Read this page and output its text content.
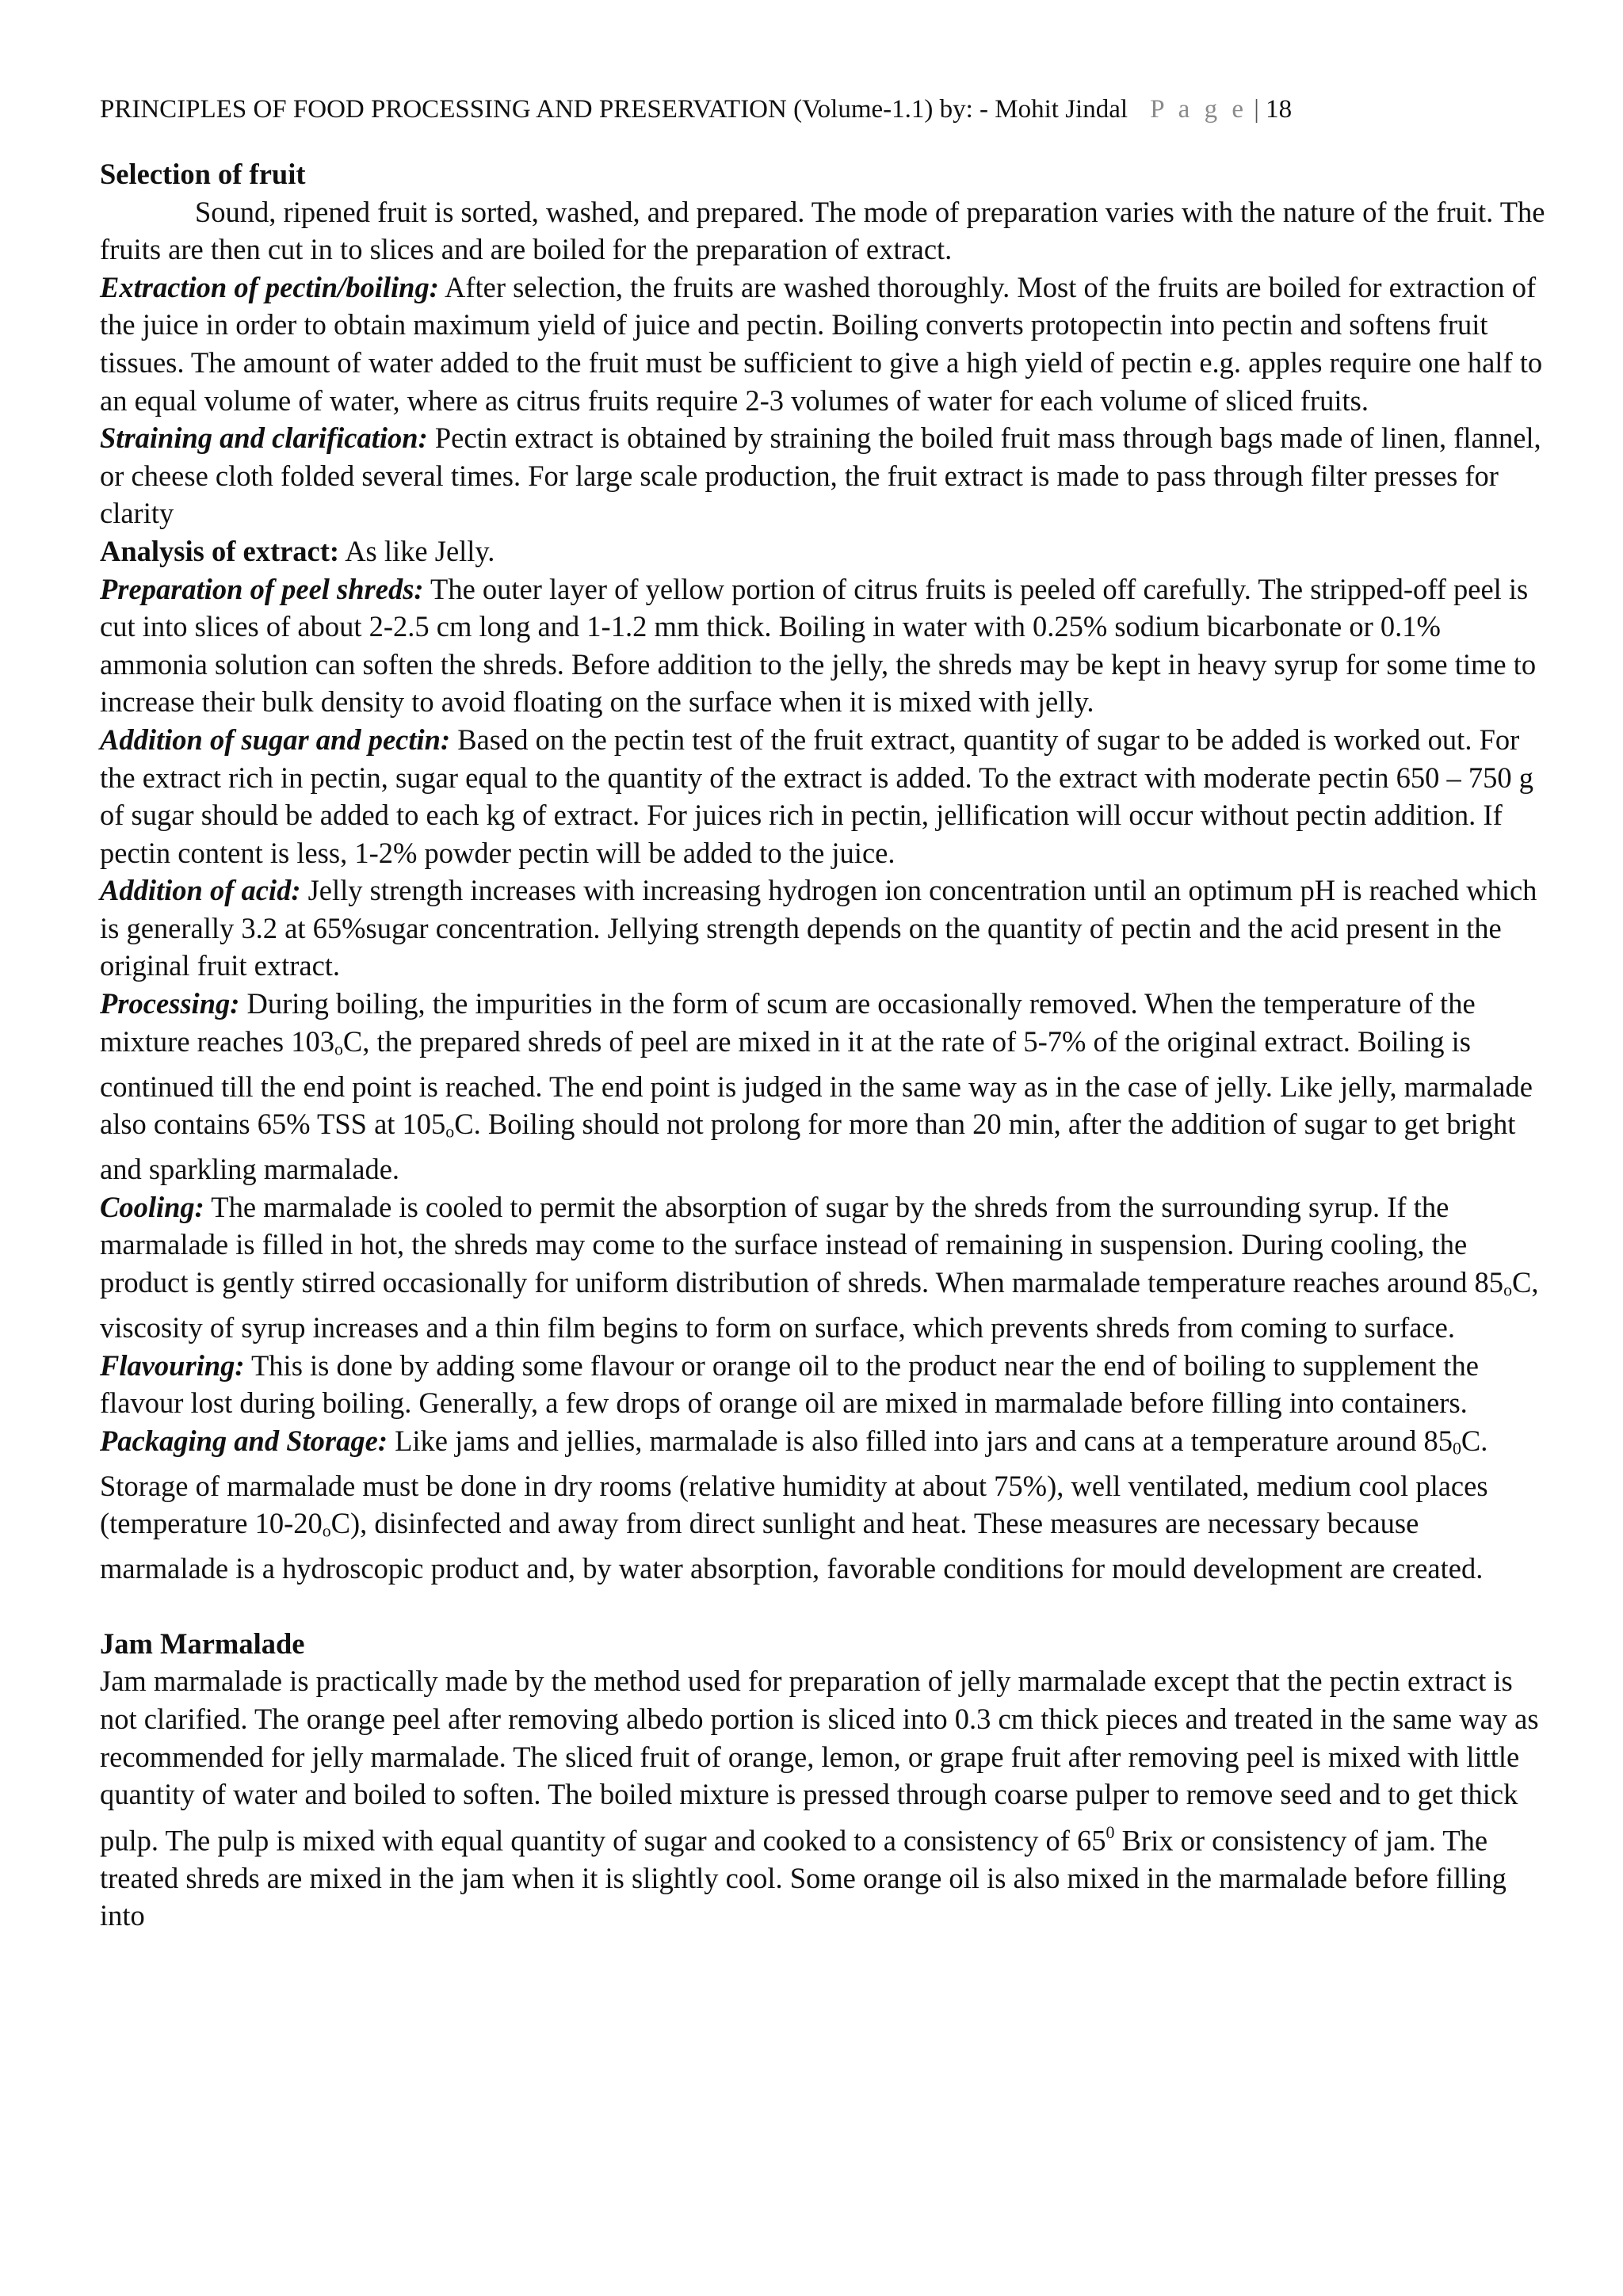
PRINCIPLES OF FOOD PROCESSING AND PRESERVATION (Volume-1.1) by: - Mohit Jindal P a g e | 18

Selection of fruit

Sound, ripened fruit is sorted, washed, and prepared. The mode of preparation varies with the nature of the fruit. The fruits are then cut in to slices and are boiled for the preparation of extract.

Extraction of pectin/boiling: After selection, the fruits are washed thoroughly. Most of the fruits are boiled for extraction of the juice in order to obtain maximum yield of juice and pectin. Boiling converts protopectin into pectin and softens fruit tissues. The amount of water added to the fruit must be sufficient to give a high yield of pectin e.g. apples require one half to an equal volume of water, where as citrus fruits require 2-3 volumes of water for each volume of sliced fruits.

Straining and clarification: Pectin extract is obtained by straining the boiled fruit mass through bags made of linen, flannel, or cheese cloth folded several times. For large scale production, the fruit extract is made to pass through filter presses for clarity

Analysis of extract: As like Jelly.

Preparation of peel shreds: The outer layer of yellow portion of citrus fruits is peeled off carefully. The stripped-off peel is cut into slices of about 2-2.5 cm long and 1-1.2 mm thick. Boiling in water with 0.25% sodium bicarbonate or 0.1% ammonia solution can soften the shreds. Before addition to the jelly, the shreds may be kept in heavy syrup for some time to increase their bulk density to avoid floating on the surface when it is mixed with jelly.

Addition of sugar and pectin: Based on the pectin test of the fruit extract, quantity of sugar to be added is worked out. For the extract rich in pectin, sugar equal to the quantity of the extract is added. To the extract with moderate pectin 650 – 750 g of sugar should be added to each kg of extract. For juices rich in pectin, jellification will occur without pectin addition. If pectin content is less, 1-2% powder pectin will be added to the juice.

Addition of acid: Jelly strength increases with increasing hydrogen ion concentration until an optimum pH is reached which is generally 3.2 at 65%sugar concentration. Jellying strength depends on the quantity of pectin and the acid present in the original fruit extract.

Processing: During boiling, the impurities in the form of scum are occasionally removed. When the temperature of the mixture reaches $103_oC$, the prepared shreds of peel are mixed in it at the rate of 5-7% of the original extract. Boiling is continued till the end point is reached. The end point is judged in the same way as in the case of jelly. Like jelly, marmalade also contains 65% TSS at $105_oC$. Boiling should not prolong for more than 20 min, after the addition of sugar to get bright and sparkling marmalade.

Cooling: The marmalade is cooled to permit the absorption of sugar by the shreds from the surrounding syrup. If the marmalade is filled in hot, the shreds may come to the surface instead of remaining in suspension. During cooling, the product is gently stirred occasionally for uniform distribution of shreds. When marmalade temperature reaches around $85_oC$, viscosity of syrup increases and a thin film begins to form on surface, which prevents shreds from coming to surface.

Flavouring: This is done by adding some flavour or orange oil to the product near the end of boiling to supplement the flavour lost during boiling. Generally, a few drops of orange oil are mixed in marmalade before filling into containers.

Packaging and Storage: Like jams and jellies, marmalade is also filled into jars and cans at a temperature around $85_0C$. Storage of marmalade must be done in dry rooms (relative humidity at about 75%), well ventilated, medium cool places (temperature $10-20_oC$), disinfected and away from direct sunlight and heat. These measures are necessary because marmalade is a hydroscopic product and, by water absorption, favorable conditions for mould development are created.

Jam Marmalade

Jam marmalade is practically made by the method used for preparation of jelly marmalade except that the pectin extract is not clarified. The orange peel after removing albedo portion is sliced into 0.3 cm thick pieces and treated in the same way as recommended for jelly marmalade. The sliced fruit of orange, lemon, or grape fruit after removing peel is mixed with little quantity of water and boiled to soften. The boiled mixture is pressed through coarse pulper to remove seed and to get thick pulp. The pulp is mixed with equal quantity of sugar and cooked to a consistency of $65^0$ Brix or consistency of jam. The treated shreds are mixed in the jam when it is slightly cool. Some orange oil is also mixed in the marmalade before filling into
